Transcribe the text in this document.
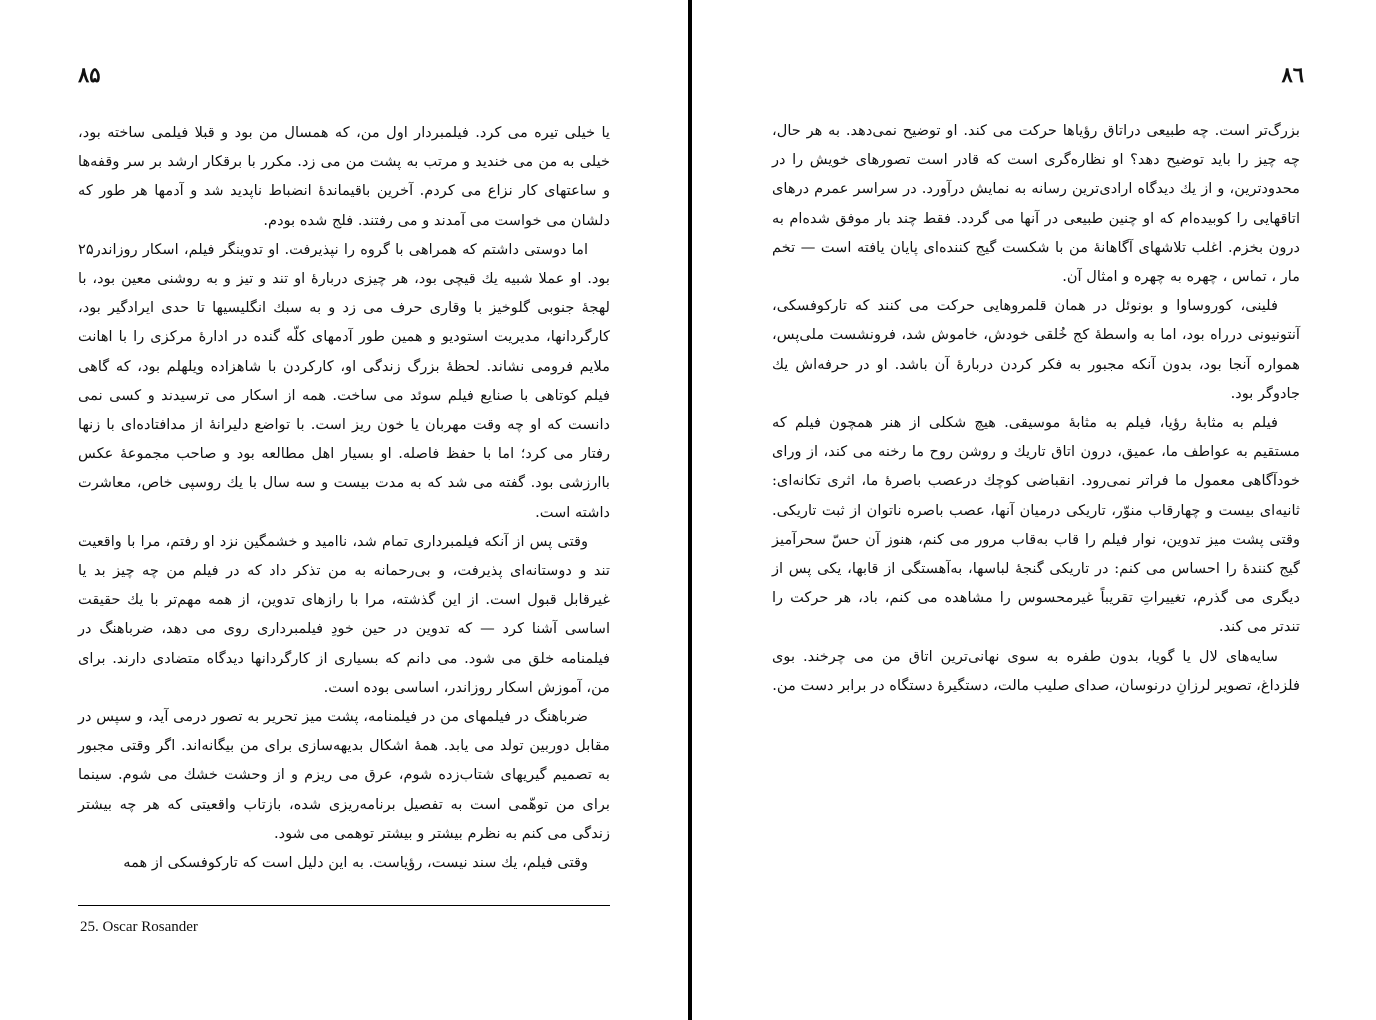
۸۵

یا خیلی تیره می کرد. فیلمبردار اول من، که همسال من بود و قبلا فیلمی ساخته بود، خیلی به من می خندید و مرتب به پشت من می زد. مکرر با برقکار ارشد بر سر وقفه‌ها و ساعتهای کار نزاع می کردم. آخرین باقیماندهٔ انضباط ناپدید شد و آدمها هر طور که دلشان می خواست می آمدند و می رفتند. فلج شده بودم.

اما دوستی داشتم که همراهی با گروه را نپذیرفت. او تدوینگر فیلم، اسکار روزاندر۲۵ بود. او عملا شبیه یك قیچی بود، هر چیزی دربارهٔ او تند و تیز و به روشنی معین بود، با لهجهٔ جنوبی گلوخیز با وقاری حرف می زد و به سبك انگلیسیها تا حدی ایرادگیر بود، کارگردانها، مدیریت استودیو و همین طور آدمهای کلّه گنده در ادارهٔ مرکزی را با اهانت ملایم فرومی نشاند. لحظهٔ بزرگ زندگی او، کارکردن با شاهزاده ویلهلم بود، که گاهی فیلم کوتاهی با صنایع فیلم سوئد می ساخت. همه از اسکار می ترسیدند و کسی نمی دانست که او چه وقت مهربان یا خون ریز است. با تواضع دلیرانهٔ از مدافتاده‌ای با زنها رفتار می کرد؛ اما با حفظ فاصله. او بسیار اهل مطالعه بود و صاحب مجموعهٔ عکس باارزشی بود. گفته می شد که به مدت بیست و سه سال با یك روسپی خاص، معاشرت داشته است.

وقتی پس از آنکه فیلمبرداری تمام شد، ناامید و خشمگین نزد او رفتم، مرا با واقعیت تند و دوستانه‌ای پذیرفت، و بی‌رحمانه به من تذکر داد که در فیلم من چه چیز بد یا غیرقابل قبول است. از این گذشته، مرا با رازهای تدوین، از همه مهم‌تر با یك حقیقت اساسی آشنا کرد — که تدوین در حین خودِ فیلمبرداری روی می دهد، ضرباهنگ در فیلمنامه خلق می شود. می دانم که بسیاری از کارگردانها دیدگاه متضادی دارند. برای من، آموزش اسکار روزاندر، اساسی بوده است.

ضرباهنگ در فیلمهای من در فیلمنامه، پشت میز تحریر به تصور درمی آید، و سپس در مقابل دوربین تولد می یابد. همهٔ اشکال بدیهه‌سازی برای من بیگانه‌اند. اگر وقتی مجبور به تصمیم گیریهای شتاب‌زده شوم، عرق می ریزم و از وحشت خشك می شوم. سینما برای من توهّمی است به تفصیل برنامه‌ریزی شده، بازتاب واقعیتی که هر چه بیشتر زندگی می کنم به نظرم بیشتر و بیشتر توهمی می شود.

وقتی فیلم، یك سند نیست، رؤیاست. به این دلیل است که تارکوفسکی از همه

25. Oscar Rosander
۸٦

بزرگ‌تر است. چه طبیعی دراتاق رؤیاها حرکت می کند. او توضیح نمی‌دهد. به هر حال، چه چیز را باید توضیح دهد؟ او نظاره‌گری است که قادر است تصورهای خویش را در محدودترین، و از یك دیدگاه ارادی‌ترین رسانه به نمایش درآورد. در سراسر عمرم درهای اتاقهایی را کوبیده‌ام که او چنین طبیعی در آنها می گردد. فقط چند بار موفق شده‌ام به درون بخزم. اغلب تلاشهای آگاهانهٔ من با شکست گیج کننده‌ای پایان یافته است — تخم مار ، تماس ، چهره به چهره و امثال آن.

فلینی، کوروساوا و بونوئل در همان قلمروهایی حرکت می کنند که تارکوفسکی، آنتونیونی درراه بود، اما به واسطهٔ کج خُلقی خودش، خاموش شد، فرونشست ملی‌پس، همواره آنجا بود، بدون آنکه مجبور به فکر کردن دربارهٔ آن باشد. او در حرفه‌اش یك جادوگر بود.

فیلم به مثابهٔ رؤیا، فیلم به مثابهٔ موسیقی. هیچ شکلی از هنر همچون فیلم که مستقیم به عواطف ما، عمیق، درون اتاق تاریك و روشن روح ما رخنه می کند، از ورای خودآگاهی معمول ما فراتر نمی‌رود. انقباضی کوچك درعصب باصرهٔ ما، اثری تکانه‌ای: ثانیه‌ای بیست و چهارقاب منوّر، تاریکی درمیان آنها، عصب باصره ناتوان از ثبت تاریکی. وقتی پشت میز تدوین، نوار فیلم را قاب به‌قاب مرور می کنم، هنوز آن حسّ سحرآمیز گیج کنندهٔ را احساس می کنم: در تاریکی گنجهٔ لباسها، به‌آهستگی از قابها، یکی پس از دیگری می گذرم، تغییراتِ تقریباً غیرمحسوس را مشاهده می کنم، باد، هر حرکت را تندتر می کند.

سایه‌های لال یا گویا، بدون طفره به سوی نهانی‌ترین اتاق من می چرخند. بوی فلزداغ، تصویر لرزانِ درنوسان، صدای صلیب مالت، دستگیرهٔ دستگاه در برابر دست من.
